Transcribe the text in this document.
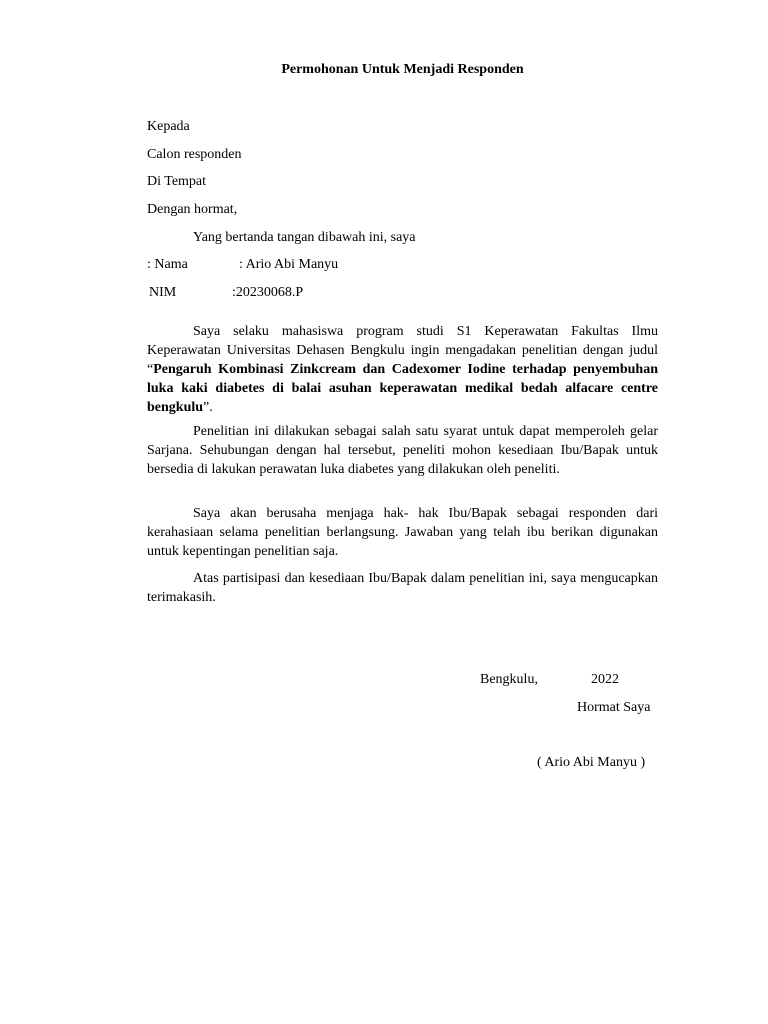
Permohonan Untuk Menjadi Responden
Kepada
Calon responden
Di Tempat
Dengan hormat,
Yang bertanda tangan dibawah ini, saya
: Nama	: Ario Abi Manyu
NIM	:20230068.P
Saya selaku mahasiswa program studi S1 Keperawatan Fakultas Ilmu Keperawatan Universitas Dehasen Bengkulu ingin mengadakan penelitian dengan judul “Pengaruh Kombinasi Zinkcream dan Cadexomer Iodine terhadap penyembuhan luka kaki diabetes di balai asuhan keperawatan medikal bedah alfacare centre bengkulu”.
Penelitian ini dilakukan sebagai salah satu syarat untuk dapat memperoleh gelar Sarjana. Sehubungan dengan hal tersebut, peneliti mohon kesediaan Ibu/Bapak untuk bersedia di lakukan perawatan luka diabetes yang dilakukan oleh peneliti.
Saya akan berusaha menjaga hak- hak Ibu/Bapak sebagai responden dari kerahasiaan selama penelitian berlangsung. Jawaban yang telah ibu berikan digunakan untuk kepentingan penelitian saja.
Atas partisipasi dan kesediaan Ibu/Bapak dalam penelitian ini, saya mengucapkan terimakasih.
Bengkulu,	2022
Hormat Saya
( Ario Abi Manyu )
